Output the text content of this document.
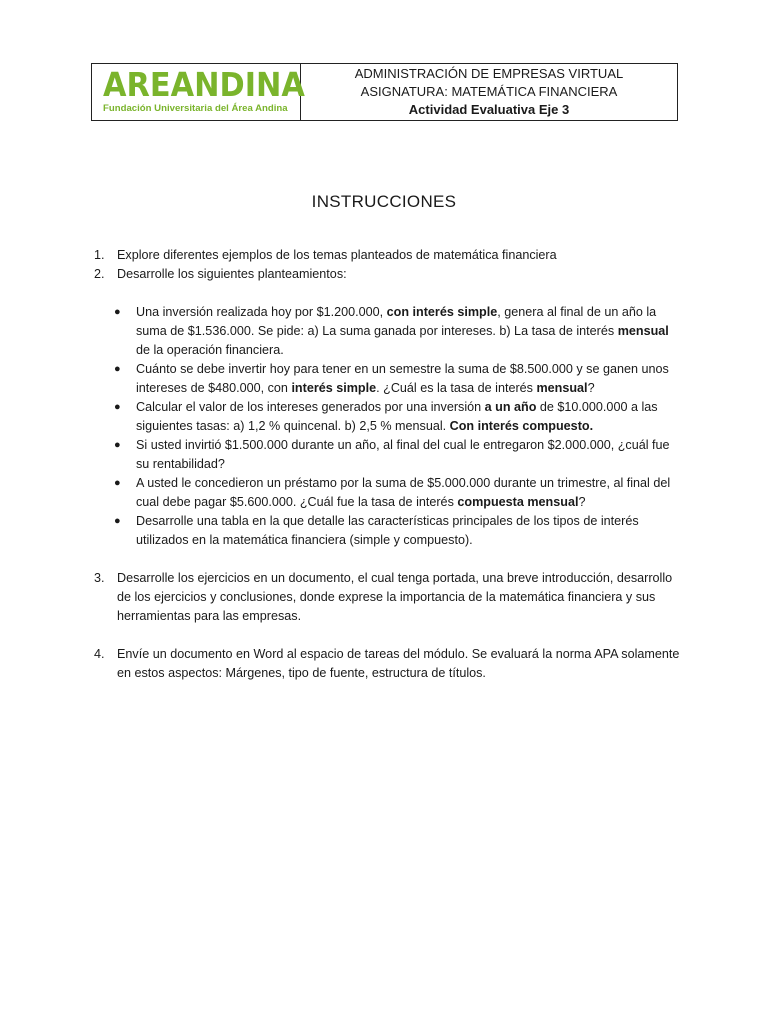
AREANDINA
Fundación Universitaria del Área Andina
ADMINISTRACIÓN DE EMPRESAS VIRTUAL
ASIGNATURA: MATEMÁTICA FINANCIERA
Actividad Evaluativa Eje 3
INSTRUCCIONES
1. Explore diferentes ejemplos de los temas planteados de matemática financiera
2. Desarrolle los siguientes planteamientos:
●	Una inversión realizada hoy por $1.200.000, con interés simple, genera al final de un año la suma de $1.536.000. Se pide: a) La suma ganada por intereses. b) La tasa de interés mensual de la operación financiera.
●	Cuánto se debe invertir hoy para tener en un semestre la suma de $8.500.000 y se ganen unos intereses de $480.000, con interés simple. ¿Cuál es la tasa de interés mensual?
●	Calcular el valor de los intereses generados por una inversión a un año de $10.000.000 a las siguientes tasas: a) 1,2 % quincenal. b) 2,5 % mensual. Con interés compuesto.
●	Si usted invirtió $1.500.000 durante un año, al final del cual le entregaron $2.000.000, ¿cuál fue su rentabilidad?
●	A usted le concedieron un préstamo por la suma de $5.000.000 durante un trimestre, al final del cual debe pagar $5.600.000. ¿Cuál fue la tasa de interés compuesta mensual?
●	Desarrolle una tabla en la que detalle las características principales de los tipos de interés utilizados en la matemática financiera (simple y compuesto).
3. Desarrolle los ejercicios en un documento, el cual tenga portada, una breve introducción, desarrollo de los ejercicios y conclusiones, donde exprese la importancia de la matemática financiera y sus herramientas para las empresas.
4. Envíe un documento en Word al espacio de tareas del módulo. Se evaluará la norma APA solamente en estos aspectos: Márgenes, tipo de fuente, estructura de títulos.
